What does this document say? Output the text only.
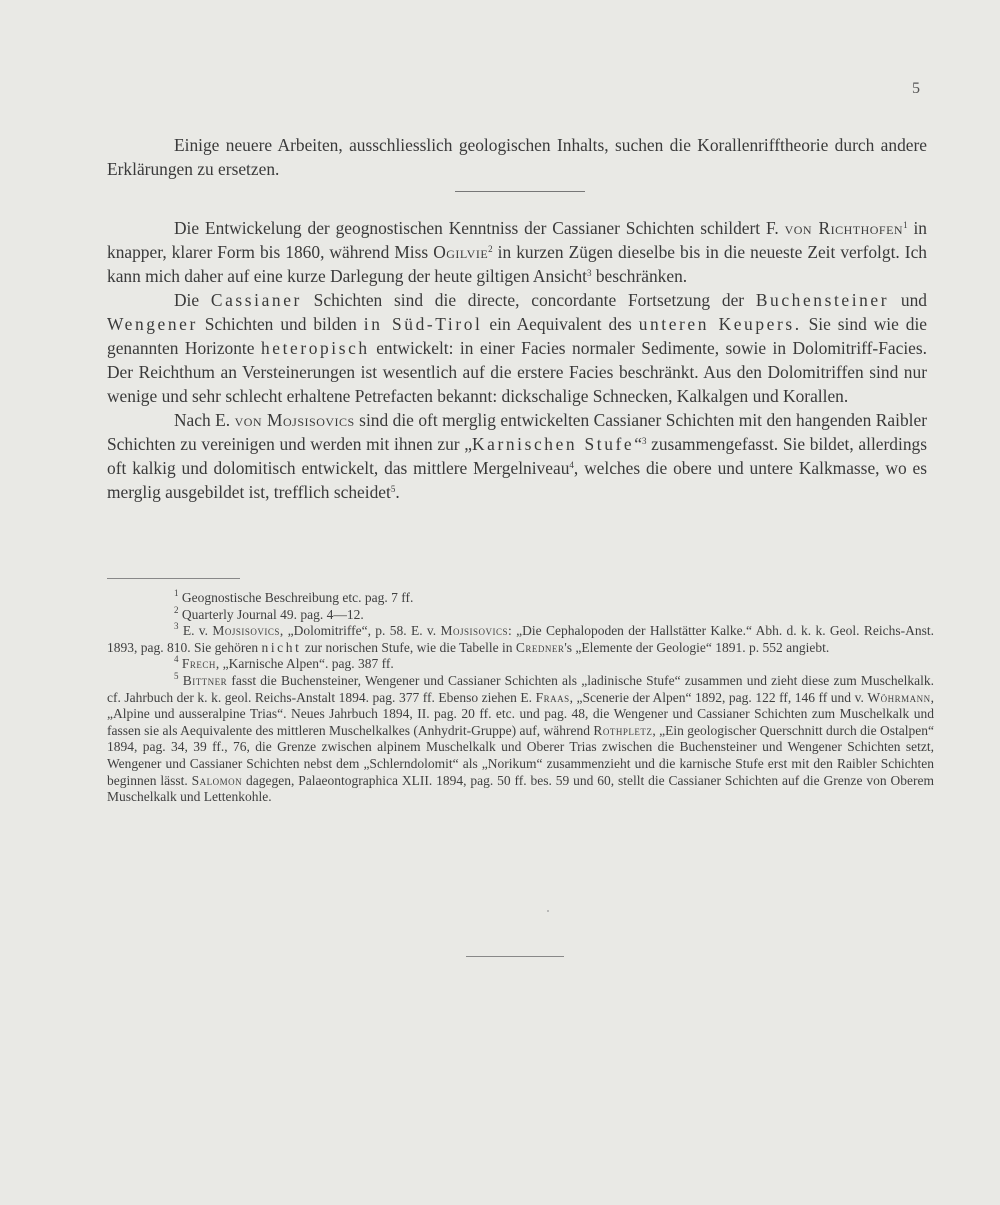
5

Einige neuere Arbeiten, ausschliesslich geologischen Inhalts, suchen die Korallenrifftheorie durch andere Erklärungen zu ersetzen.

Die Entwickelung der geognostischen Kenntniss der Cassianer Schichten schildert F. von Richthofen$^1$ in knapper, klarer Form bis 1860, während Miss Ogilvie$^2$ in kurzen Zügen dieselbe bis in die neueste Zeit verfolgt. Ich kann mich daher auf eine kurze Darlegung der heute giltigen Ansicht$^3$ beschränken.

Die Cassianer Schichten sind die directe, concordante Fortsetzung der Buchensteiner und Wengener Schichten und bilden in Süd-Tirol ein Aequivalent des unteren Keupers. Sie sind wie die genannten Horizonte heteropisch entwickelt: in einer Facies normaler Sedimente, sowie in Dolomitriff-Facies. Der Reichthum an Versteinerungen ist wesentlich auf die erstere Facies beschränkt. Aus den Dolomitriffen sind nur wenige und sehr schlecht erhaltene Petrefacten bekannt: dickschalige Schnecken, Kalkalgen und Korallen.

Nach E. von Mojsisovics sind die oft merglig entwickelten Cassianer Schichten mit den hangenden Raibler Schichten zu vereinigen und werden mit ihnen zur „Karnischen Stufe“$^3$ zusammengefasst. Sie bildet, allerdings oft kalkig und dolomitisch entwickelt, das mittlere Mergelniveau$^4$, welches die obere und untere Kalkmasse, wo es merglig ausgebildet ist, trefflich scheidet$^5$.

$^1$ Geognostische Beschreibung etc. pag. 7 ff.

$^2$ Quarterly Journal 49. pag. 4—12.

$^3$ E. v. Mojsisovics, „Dolomitriffe“, p. 58. E. v. Mojsisovics: „Die Cephalopoden der Hallstätter Kalke.“ Abh. d. k. k. Geol. Reichs-Anst. 1893, pag. 810. Sie gehören nicht zur norischen Stufe, wie die Tabelle in Credner's „Elemente der Geologie“ 1891. p. 552 angiebt.

$^4$ Frech, „Karnische Alpen“. pag. 387 ff.

$^5$ Bittner fasst die Buchensteiner, Wengener und Cassianer Schichten als „ladinische Stufe“ zusammen und zieht diese zum Muschelkalk. cf. Jahrbuch der k. k. geol. Reichs-Anstalt 1894. pag. 377 ff. Ebenso ziehen E. Fraas, „Scenerie der Alpen“ 1892, pag. 122 ff, 146 ff und v. Wöhrmann, „Alpine und ausseralpine Trias“. Neues Jahrbuch 1894, II. pag. 20 ff. etc. und pag. 48, die Wengener und Cassianer Schichten zum Muschelkalk und fassen sie als Aequivalente des mittleren Muschelkalkes (Anhydrit-Gruppe) auf, während Rothpletz, „Ein geologischer Querschnitt durch die Ostalpen“ 1894, pag. 34, 39 ff., 76, die Grenze zwischen alpinem Muschelkalk und Oberer Trias zwischen die Buchensteiner und Wengener Schichten setzt, Wengener und Cassianer Schichten nebst dem „Schlerndolomit“ als „Norikum“ zusammenzieht und die karnische Stufe erst mit den Raibler Schichten beginnen lässt. Salomon dagegen, Palaeontographica XLII. 1894, pag. 50 ff. bes. 59 und 60, stellt die Cassianer Schichten auf die Grenze von Oberem Muschelkalk und Lettenkohle.
